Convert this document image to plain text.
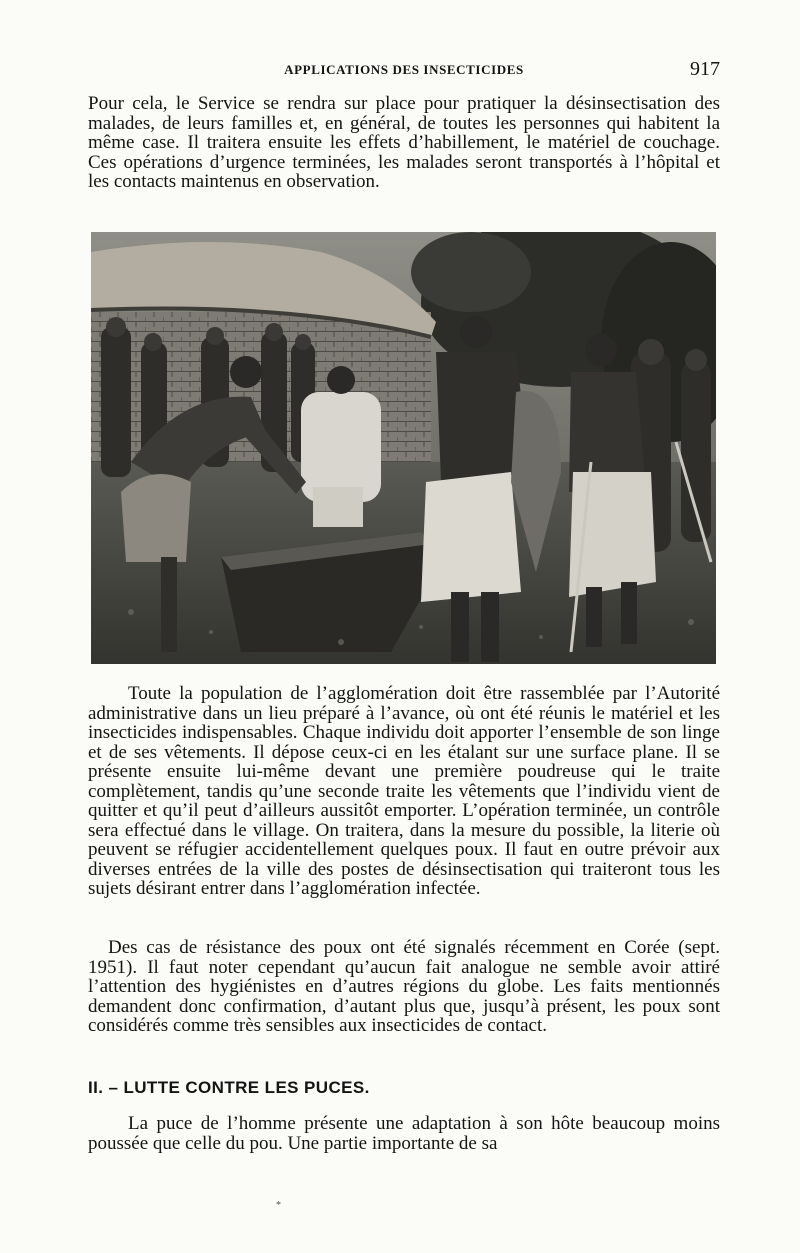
APPLICATIONS DES INSECTICIDES	917

Pour cela, le Service se rendra sur place pour pratiquer la désinsectisation des malades, de leurs familles et, en général, de toutes les personnes qui habitent la même case. Il traitera ensuite les effets d’habillement, le matériel de couchage. Ces opérations d’urgence terminées, les malades seront transportés à l’hôpital et les contacts maintenus en observation.

Toute la population de l’agglomération doit être rassemblée par l’Autorité administrative dans un lieu préparé à l’avance, où ont été réunis le matériel et les insecticides indispensables. Chaque individu doit apporter l’ensemble de son linge et de ses vêtements. Il dépose ceux-ci en les étalant sur une surface plane. Il se présente ensuite lui-même devant une première poudreuse qui le traite complètement, tandis qu’une seconde traite les vêtements que l’individu vient de quitter et qu’il peut d’ailleurs aussitôt emporter. L’opération terminée, un contrôle sera effectué dans le village. On traitera, dans la mesure du possible, la literie où peuvent se réfugier accidentellement quelques poux. Il faut en outre prévoir aux diverses entrées de la ville des postes de désinsectisation qui traiteront tous les sujets désirant entrer dans l’agglomération infectée.

Des cas de résistance des poux ont été signalés récemment en Corée (sept. 1951). Il faut noter cependant qu’aucun fait analogue ne semble avoir attiré l’attention des hygiénistes en d’autres régions du globe. Les faits mentionnés demandent donc confirmation, d’autant plus que, jusqu’à présent, les poux sont considérés comme très sensibles aux insecticides de contact.

II. – LUTTE CONTRE LES PUCES.

La puce de l’homme présente une adaptation à son hôte beaucoup moins poussée que celle du pou. Une partie importante de sa

*
